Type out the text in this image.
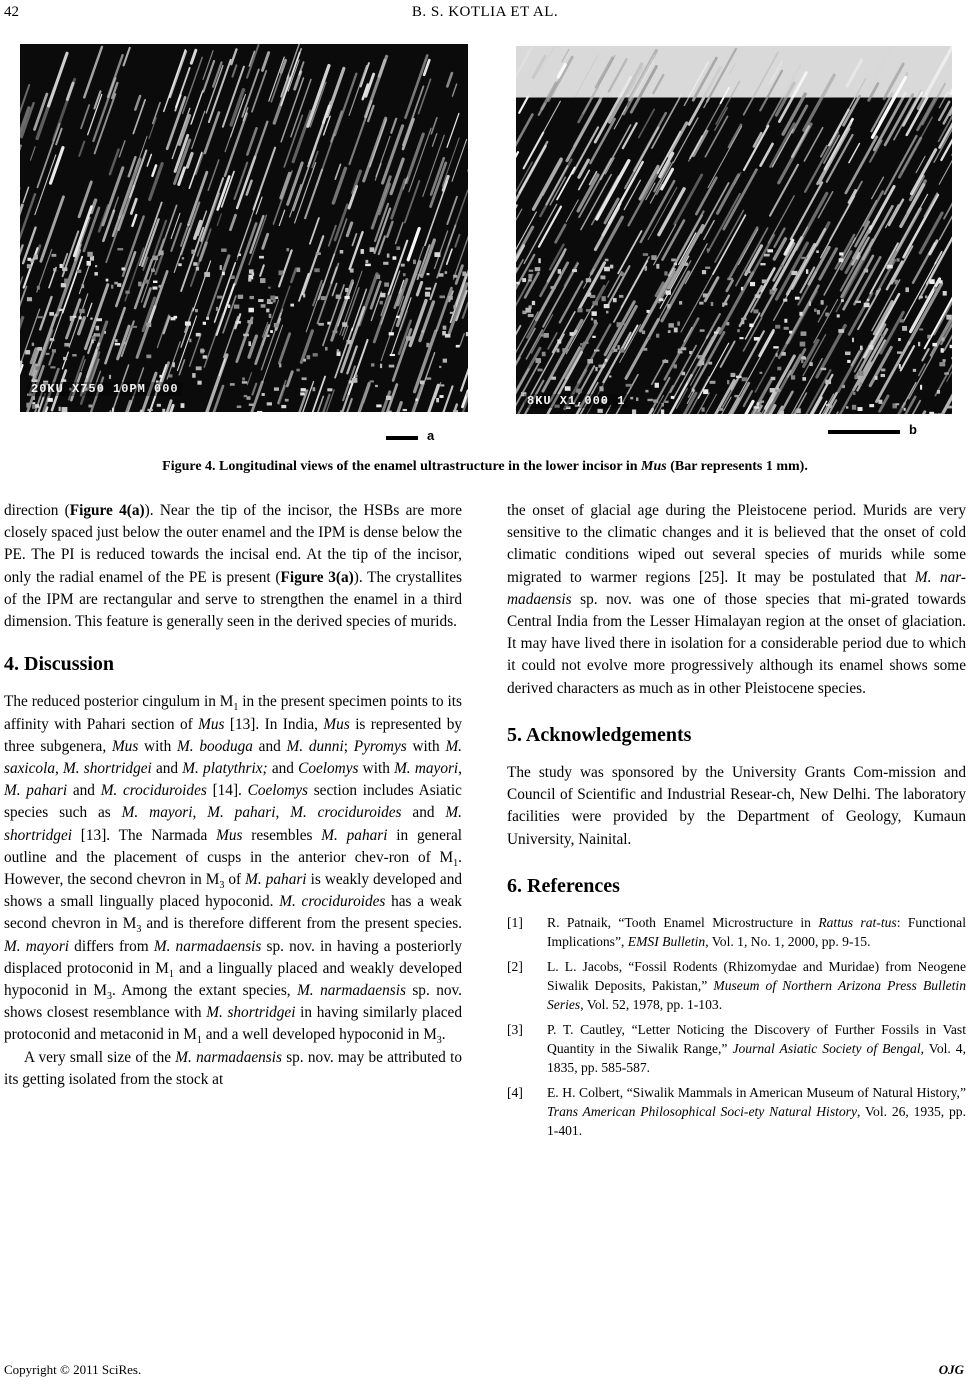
42	B. S. KOTLIA ET AL.
20KU X750 10PM 000
a
8KU X1,000 1
b
Figure 4. Longitudinal views of the enamel ultrastructure in the lower incisor in Mus (Bar represents 1 mm).

direction (Figure 4(a)). Near the tip of the incisor, the HSBs are more closely spaced just below the outer enamel and the IPM is dense below the PE. The PI is reduced towards the incisal end. At the tip of the incisor, only the radial enamel of the PE is present (Figure 3(a)). The crystallites of the IPM are rectangular and serve to strengthen the enamel in a third dimension. This feature is generally seen in the derived species of murids.

4. Discussion

The reduced posterior cingulum in $M_1$ in the present specimen points to its affinity with Pahari section of Mus [13]. In India, Mus is represented by three subgenera, Mus with M. booduga and M. dunni; Pyromys with M. saxicola, M. shortridgei and M. platythrix; and Coelomys with M. mayori, M. pahari and M. crociduroides [14]. Coelomys section includes Asiatic species such as M. mayori, M. pahari, M. crociduroides and M. shortridgei [13]. The Narmada Mus resembles M. pahari in general outline and the placement of cusps in the anterior chev-ron of $M_1$. However, the second chevron in $M_3$ of M. pahari is weakly developed and shows a small lingually placed hypoconid. M. crociduroides has a weak second chevron in $M_3$ and is therefore different from the present species. M. mayori differs from M. narmadaensis sp. nov. in having a posteriorly displaced protoconid in $M_1$ and a lingually placed and weakly developed hypoconid in $M_3$. Among the extant species, M. narmadaensis sp. nov. shows closest resemblance with M. shortridgei in having similarly placed protoconid and metaconid in $M_1$ and a well developed hypoconid in $M_3$.

A very small size of the M. narmadaensis sp. nov. may be attributed to its getting isolated from the stock at

the onset of glacial age during the Pleistocene period. Murids are very sensitive to the climatic changes and it is believed that the onset of cold climatic conditions wiped out several species of murids while some migrated to warmer regions [25]. It may be postulated that M. nar-madaensis sp. nov. was one of those species that mi-grated towards Central India from the Lesser Himalayan region at the onset of glaciation. It may have lived there in isolation for a considerable period due to which it could not evolve more progressively although its enamel shows some derived characters as much as in other Pleistocene species.

5. Acknowledgements

The study was sponsored by the University Grants Com-mission and Council of Scientific and Industrial Resear-ch, New Delhi. The laboratory facilities were provided by the Department of Geology, Kumaun University, Nainital.

6. References
[1] R. Patnaik, “Tooth Enamel Microstructure in Rattus rat-tus: Functional Implications”, EMSI Bulletin, Vol. 1, No. 1, 2000, pp. 9-15.
[2] L. L. Jacobs, “Fossil Rodents (Rhizomydae and Muridae) from Neogene Siwalik Deposits, Pakistan,” Museum of Northern Arizona Press Bulletin Series, Vol. 52, 1978, pp. 1-103.
[3] P. T. Cautley, “Letter Noticing the Discovery of Further Fossils in Vast Quantity in the Siwalik Range,” Journal Asiatic Society of Bengal, Vol. 4, 1835, pp. 585-587.
[4] E. H. Colbert, “Siwalik Mammals in American Museum of Natural History,” Trans American Philosophical Soci-ety Natural History, Vol. 26, 1935, pp. 1-401.
Copyright © 2011 SciRes.	OJG
